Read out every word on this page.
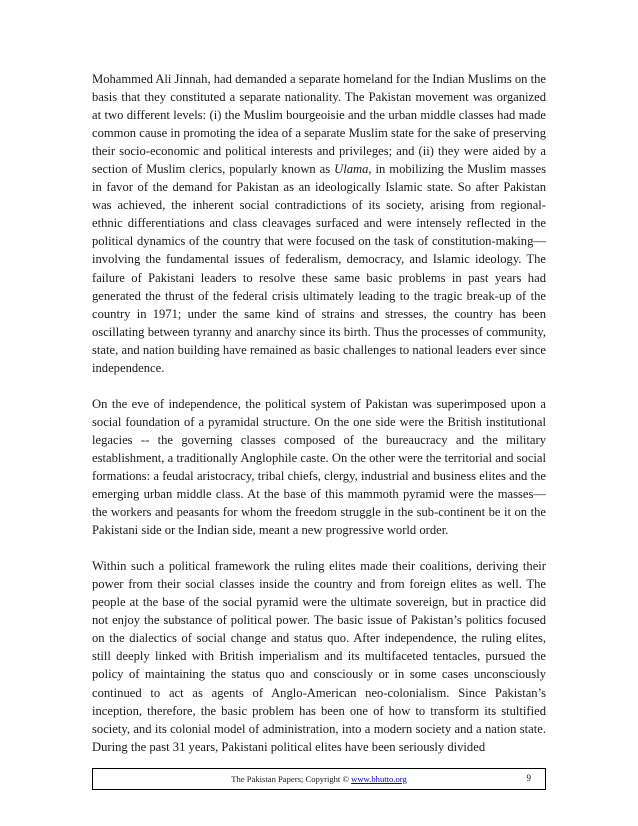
Mohammed Ali Jinnah, had demanded a separate homeland for the Indian Muslims on the basis that they constituted a separate nationality. The Pakistan movement was organized at two different levels: (i) the Muslim bourgeoisie and the urban middle classes had made common cause in promoting the idea of a separate Muslim state for the sake of preserving their socio-economic and political interests and privileges; and (ii) they were aided by a section of Muslim clerics, popularly known as Ulama, in mobilizing the Muslim masses in favor of the demand for Pakistan as an ideologically Islamic state. So after Pakistan was achieved, the inherent social contradictions of its society, arising from regional-ethnic differentiations and class cleavages surfaced and were intensely reflected in the political dynamics of the country that were focused on the task of constitution-making—involving the fundamental issues of federalism, democracy, and Islamic ideology. The failure of Pakistani leaders to resolve these same basic problems in past years had generated the thrust of the federal crisis ultimately leading to the tragic break-up of the country in 1971; under the same kind of strains and stresses, the country has been oscillating between tyranny and anarchy since its birth. Thus the processes of community, state, and nation building have remained as basic challenges to national leaders ever since independence.

On the eve of independence, the political system of Pakistan was superimposed upon a social foundation of a pyramidal structure. On the one side were the British institutional legacies -- the governing classes composed of the bureaucracy and the military establishment, a traditionally Anglophile caste. On the other were the territorial and social formations: a feudal aristocracy, tribal chiefs, clergy, industrial and business elites and the emerging urban middle class. At the base of this mammoth pyramid were the masses—the workers and peasants for whom the freedom struggle in the sub-continent be it on the Pakistani side or the Indian side, meant a new progressive world order.

Within such a political framework the ruling elites made their coalitions, deriving their power from their social classes inside the country and from foreign elites as well. The people at the base of the social pyramid were the ultimate sovereign, but in practice did not enjoy the substance of political power. The basic issue of Pakistan’s politics focused on the dialectics of social change and status quo. After independence, the ruling elites, still deeply linked with British imperialism and its multifaceted tentacles, pursued the policy of maintaining the status quo and consciously or in some cases unconsciously continued to act as agents of Anglo-American neo-colonialism. Since Pakistan’s inception, therefore, the basic problem has been one of how to transform its stultified society, and its colonial model of administration, into a modern society and a nation state. During the past 31 years, Pakistani political elites have been seriously divided

The Pakistan Papers; Copyright © www.bhutto.org	9
